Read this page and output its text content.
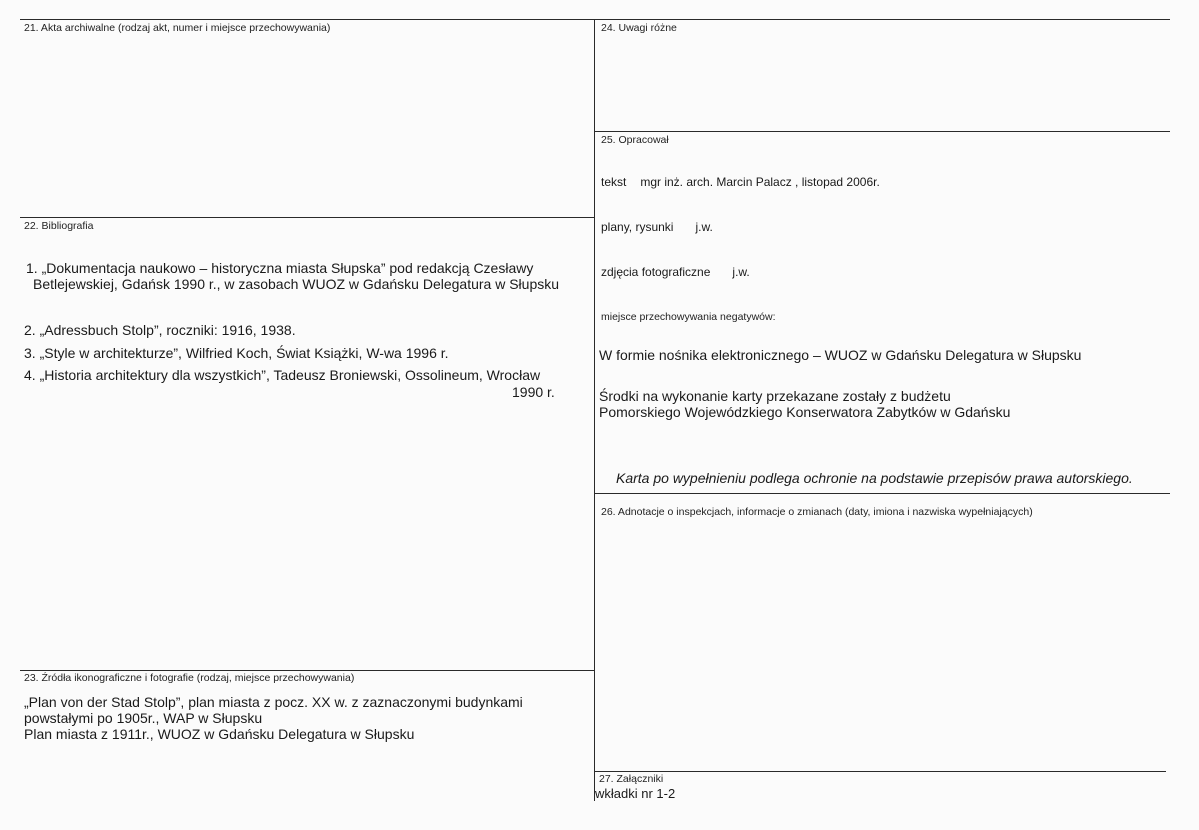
21. Akta archiwalne (rodzaj akt, numer i miejsce przechowywania)
22. Bibliografia
1. „Dokumentacja naukowo – historyczna miasta Słupska” pod redakcją Czesławy
Betlejewskiej, Gdańsk 1990 r., w zasobach WUOZ w Gdańsku Delegatura w Słupsku
2. „Adressbuch Stolp”, roczniki: 1916, 1938.
3. „Style w architekturze”, Wilfried Koch, Świat Książki, W-wa 1996 r.
4. „Historia architektury dla wszystkich”, Tadeusz Broniewski, Ossolineum, Wrocław
1990 r.
23. Źródła ikonograficzne i fotografie (rodzaj, miejsce przechowywania)
„Plan von der Stad Stolp”, plan miasta z pocz. XX w. z zaznaczonymi budynkami
powstałymi po 1905r., WAP w Słupsku
Plan miasta z 1911r., WUOZ w Gdańsku Delegatura w Słupsku
24. Uwagi różne
25. Opracował
tekst mgr inż. arch. Marcin Palacz , listopad 2006r.
plany, rysunki j.w.
zdjęcia fotograficzne j.w.
miejsce przechowywania negatywów:
W formie nośnika elektronicznego – WUOZ w Gdańsku Delegatura w Słupsku
Środki na wykonanie karty przekazane zostały z budżetu
Pomorskiego Wojewódzkiego Konserwatora Zabytków w Gdańsku
Karta po wypełnieniu podlega ochronie na podstawie przepisów prawa autorskiego.
26. Adnotacje o inspekcjach, informacje o zmianach (daty, imiona i nazwiska wypełniających)
27. Załączniki
wkładki nr 1-2
